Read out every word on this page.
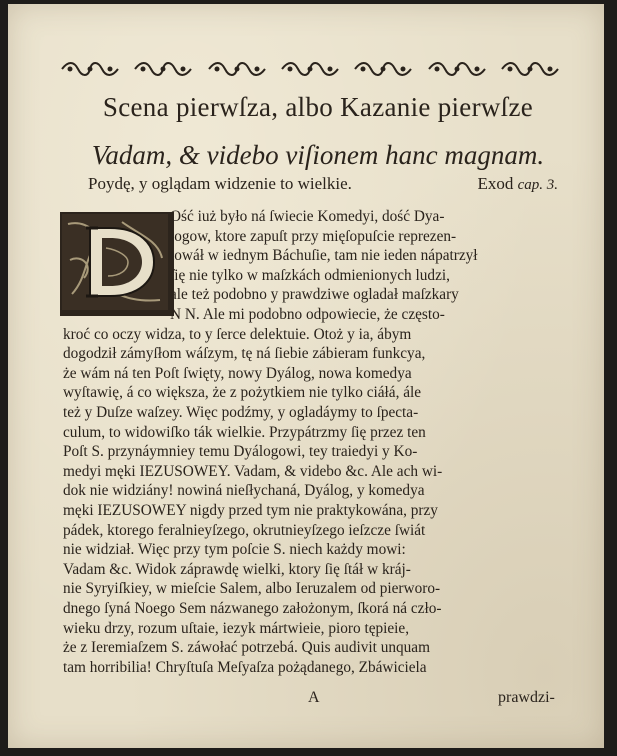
Scena pierwſza, albo Kazanie pierwſze
Vadam, & videbo viſionem hanc magnam.
Poydę, y oglądam widzenie to wielkie.	Exod cap. 3.
Ość iuż było ná ſwiecie Komedyi, dość Dya-
logow, ktore zapuſt przy mięſopuſcie reprezen-
towáł w iednym Báchuſie, tam nie ieden nápatrzył
ſię nie tylko w maſzkách odmienionych ludzi,
ale też podobno y prawdziwe ogladał maſzkary
N N. Ale mi podobno odpowiecie, że często-
kroć co oczy widza, to y ſerce delektuie. Otoż y ia, ábym
dogodził zámyſłom wáſzym, tę ná ſiebie zábieram funkcya,
że wám ná ten Poſt ſwięty, nowy Dyálog, nowa komedya
wyſtawię, á co większa, że z pożytkiem nie tylko ciáłá, ále
też y Duſze waſzey. Więc podźmy, y ogladáymy to ſpecta-
culum, to widowiſko ták wielkie. Przypátrzmy ſię przez ten
Poſt S. przynáymniey temu Dyálogowi, tey traiedyi y Ko-
medyi męki IEZUSOWEY. Vadam, & videbo &c. Ale ach wi-
dok nie widziány! nowiná nieſłychaná, Dyálog, y komedya
męki IEZUSOWEY nigdy przed tym nie praktykowána, przy
pádek, ktorego feralnieyſzego, okrutnieyſzego ieſzcze ſwiát
nie widział. Więc przy tym poſcie S. niech każdy mowi:
Vadam &c. Widok záprawdę wielki, ktory ſię ſtáł w kráj-
nie Syryiſkiey, w mieſcie Salem, albo Ieruzalem od pierworo-
dnego ſyná Noego Sem názwanego założonym, ſkorá ná czło-
wieku drzy, rozum uſtaie, iezyk mártwieie, pioro tępieie,
że z Ieremiaſzem S. záwołać potrzebá. Quis audivit unquam
tam horribilia! Chryſtuſa Meſyaſza pożądanego, Zbáwiciela
A	prawdzi-
